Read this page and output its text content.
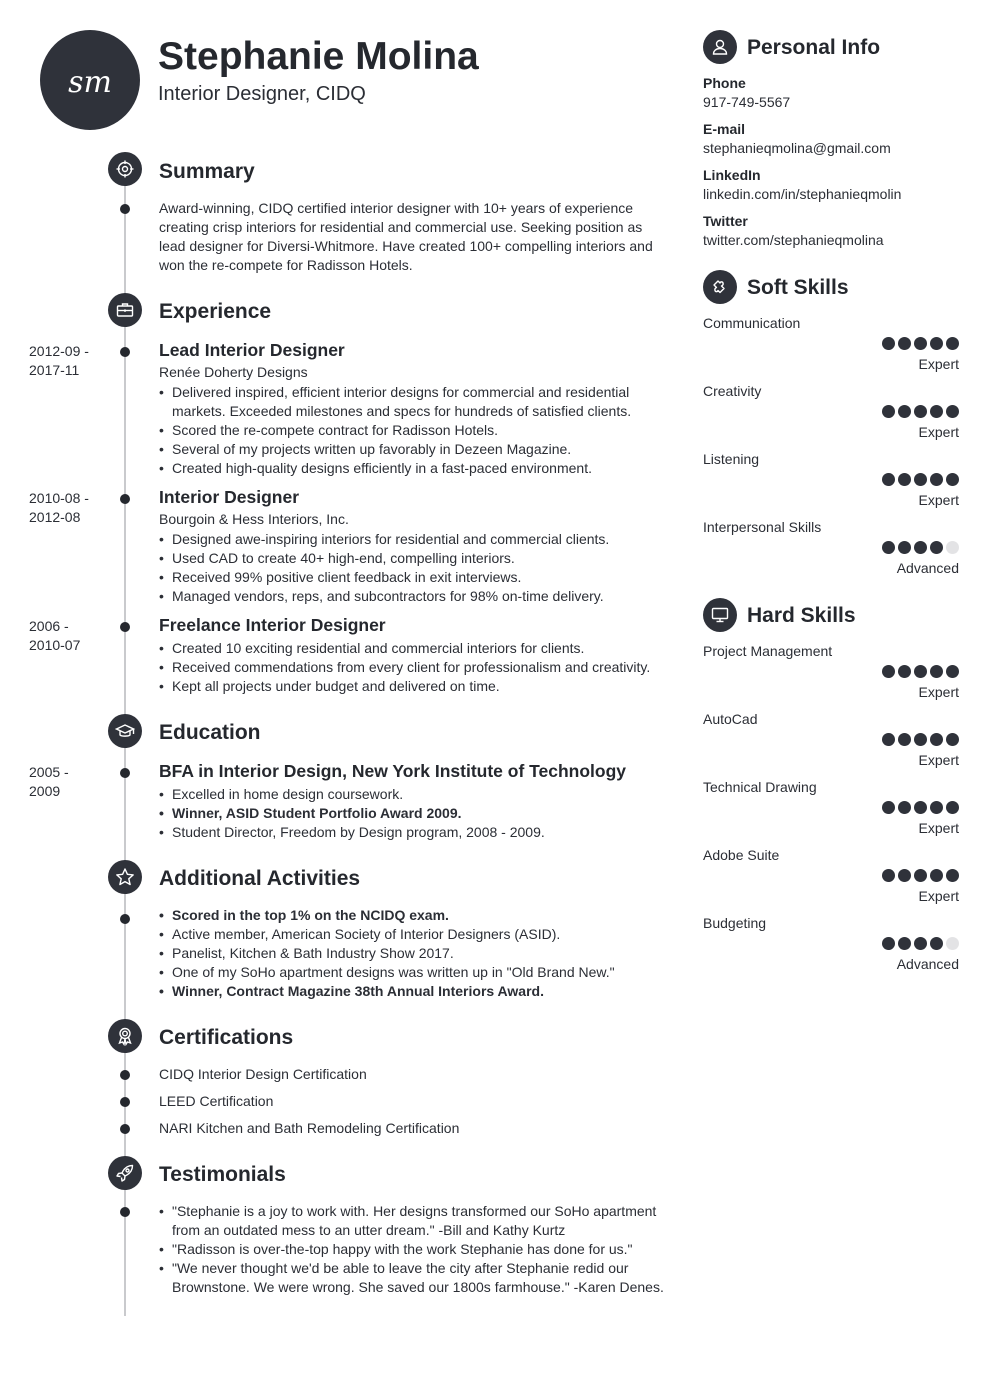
sm
Stephanie Molina
Interior Designer, CIDQ
Summary
Award-winning, CIDQ certified interior designer with 10+ years of experience creating crisp interiors for residential and commercial use. Seeking position as lead designer for Diversi-Whitmore. Have created 100+ compelling interiors and won the re-compete for Radisson Hotels.
Experience
2012-09 -
2017-11
Lead Interior Designer
Renée Doherty Designs
• Delivered inspired, efficient interior designs for commercial and residential markets. Exceeded milestones and specs for hundreds of satisfied clients.
• Scored the re-compete contract for Radisson Hotels.
• Several of my projects written up favorably in Dezeen Magazine.
• Created high-quality designs efficiently in a fast-paced environment.
2010-08 -
2012-08
Interior Designer
Bourgoin & Hess Interiors, Inc.
• Designed awe-inspiring interiors for residential and commercial clients.
• Used CAD to create 40+ high-end, compelling interiors.
• Received 99% positive client feedback in exit interviews.
• Managed vendors, reps, and subcontractors for 98% on-time delivery.
2006 -
2010-07
Freelance Interior Designer
• Created 10 exciting residential and commercial interiors for clients.
• Received commendations from every client for professionalism and creativity.
• Kept all projects under budget and delivered on time.
Education
2005 -
2009
BFA in Interior Design, New York Institute of Technology
• Excelled in home design coursework.
• Winner, ASID Student Portfolio Award 2009.
• Student Director, Freedom by Design program, 2008 - 2009.
Additional Activities
• Scored in the top 1% on the NCIDQ exam.
• Active member, American Society of Interior Designers (ASID).
• Panelist, Kitchen & Bath Industry Show 2017.
• One of my SoHo apartment designs was written up in "Old Brand New."
• Winner, Contract Magazine 38th Annual Interiors Award.
Certifications
CIDQ Interior Design Certification
LEED Certification
NARI Kitchen and Bath Remodeling Certification
Testimonials
• "Stephanie is a joy to work with. Her designs transformed our SoHo apartment from an outdated mess to an utter dream." -Bill and Kathy Kurtz
• "Radisson is over-the-top happy with the work Stephanie has done for us."
• "We never thought we'd be able to leave the city after Stephanie redid our Brownstone. We were wrong. She saved our 1800s farmhouse." -Karen Denes.
Personal Info
Phone
917-749-5567
E-mail
stephanieqmolina@gmail.com
LinkedIn
linkedin.com/in/stephanieqmolin
Twitter
twitter.com/stephanieqmolina
Soft Skills
Communication
Expert
Creativity
Expert
Listening
Expert
Interpersonal Skills
Advanced
Hard Skills
Project Management
Expert
AutoCad
Expert
Technical Drawing
Expert
Adobe Suite
Expert
Budgeting
Advanced
